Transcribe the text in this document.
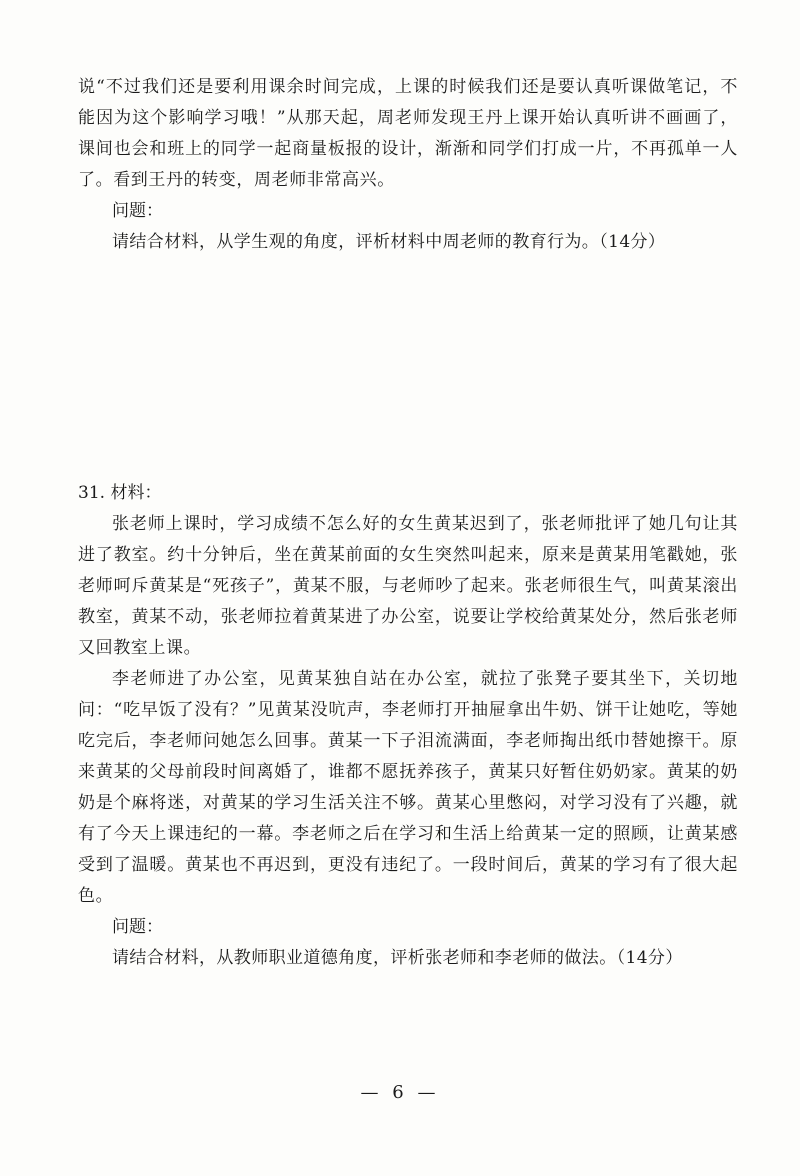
说“不过我们还是要利用课余时间完成，上课的时候我们还是要认真听课做笔记，不能因为这个影响学习哦！”从那天起，周老师发现王丹上课开始认真听讲不画画了，课间也会和班上的同学一起商量板报的设计，渐渐和同学们打成一片，不再孤单一人了。看到王丹的转变，周老师非常高兴。

问题：

请结合材料，从学生观的角度，评析材料中周老师的教育行为。（14分）

31. 材料：

张老师上课时，学习成绩不怎么好的女生黄某迟到了，张老师批评了她几句让其进了教室。约十分钟后，坐在黄某前面的女生突然叫起来，原来是黄某用笔戳她，张老师呵斥黄某是“死孩子”，黄某不服，与老师吵了起来。张老师很生气，叫黄某滚出教室，黄某不动，张老师拉着黄某进了办公室，说要让学校给黄某处分，然后张老师又回教室上课。

李老师进了办公室，见黄某独自站在办公室，就拉了张凳子要其坐下，关切地问：“吃早饭了没有？”见黄某没吭声，李老师打开抽屉拿出牛奶、饼干让她吃，等她吃完后，李老师问她怎么回事。黄某一下子泪流满面，李老师掏出纸巾替她擦干。原来黄某的父母前段时间离婚了，谁都不愿抚养孩子，黄某只好暂住奶奶家。黄某的奶奶是个麻将迷，对黄某的学习生活关注不够。黄某心里憋闷，对学习没有了兴趣，就有了今天上课违纪的一幕。李老师之后在学习和生活上给黄某一定的照顾，让黄某感受到了温暖。黄某也不再迟到，更没有违纪了。一段时间后，黄某的学习有了很大起色。

问题：

请结合材料，从教师职业道德角度，评析张老师和李老师的做法。（14分）

— 6 —
